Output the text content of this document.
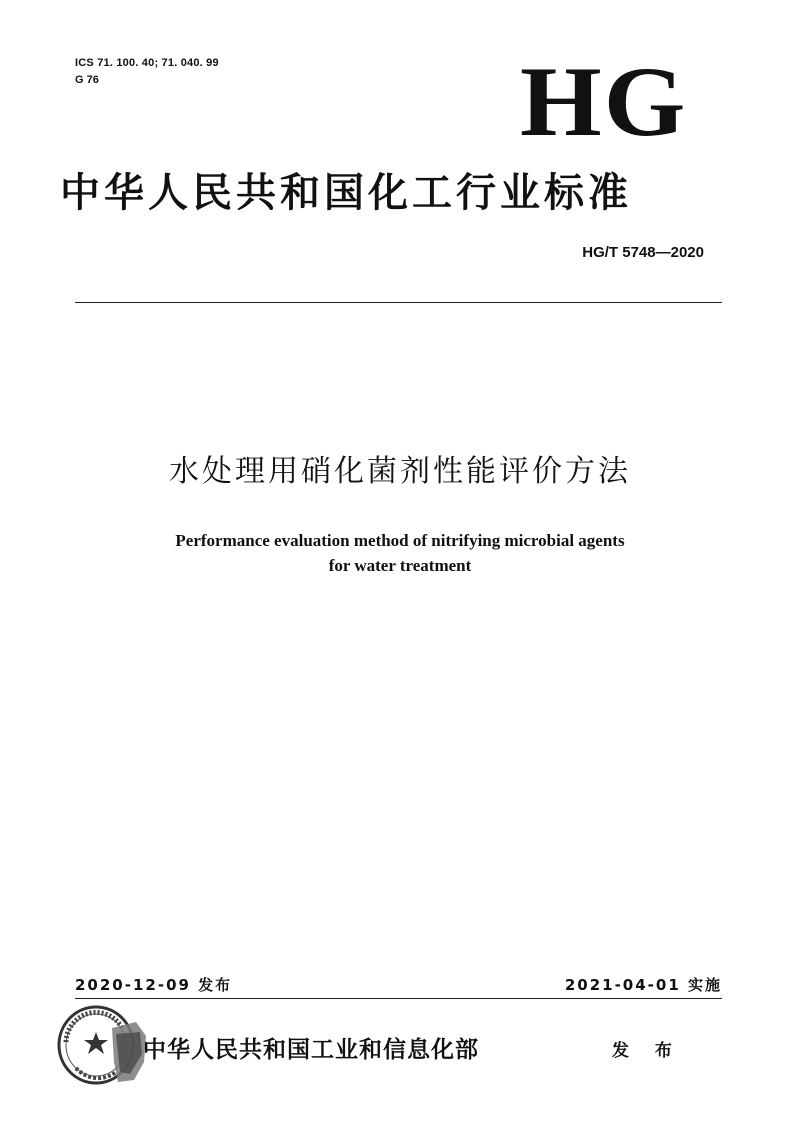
ICS 71. 100. 40; 71. 040. 99
G 76	HG
中华人民共和国化工行业标准
HG/T 5748—2020
水处理用硝化菌剂性能评价方法
Performance evaluation method of nitrifying microbial agents
for water treatment
2020-12-09 发布	2021-04-01 实施
中华人民共和国工业和信息化部	发 布
